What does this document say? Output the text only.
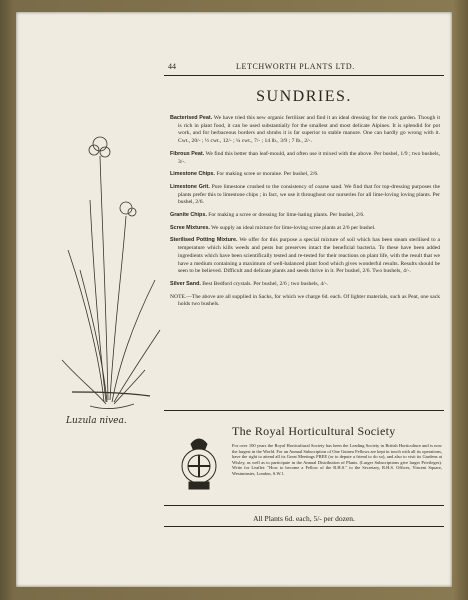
44	LETCHWORTH PLANTS LTD.
SUNDRIES.

Bacterised Peat. We have tried this new organic fertilizer and find it an ideal dressing for the rock garden. Though it is rich in plant food, it can be used substantially for the smallest and most delicate Alpines. It is splendid for pot work, and for herbaceous borders and shrubs it is far superior to stable manure. One can hardly go wrong with it. Cwt., 20/- ; ½ cwt., 12/- ; ¼ cwt., 7/- ; 14 lb., 3/9 ; 7 lb., 2/-.

Fibrous Peat. We find this better than leaf-mould, and often use it mixed with the above. Per bushel, 1/9 ; two bushels, 3/-.

Limestone Chips. For making scree or moraine. Per bushel, 2/6.

Limestone Grit. Pure limestone crushed to the consistency of coarse sand. We find that for top-dressing purposes the plants prefer this to limestone chips ; in fact, we use it throughout our nurseries for all lime-loving loving plants. Per bushel, 2/6.

Granite Chips. For making a scree or dressing for lime-hating plants. Per bushel, 2/6.

Scree Mixtures. We supply an ideal mixture for lime-loving scree plants at 2/6 per bushel.

Sterilised Potting Mixture. We offer for this purpose a special mixture of soil which has been steam sterilised to a temperature which kills weeds and pests but preserves intact the beneficial bacteria. To these have been added ingredients which have been scientifically tested and re-tested for their reactions on plant life, with the result that we have a medium containing a maximum of well-balanced plant food which gives wonderful results. Results should be seen to be believed. Difficult and delicate plants and seeds thrive in it. Per bushel, 2/6. Two bushels, 4/-.

Silver Sand. Best Bedford crystals. Per bushel, 2/6 ; two bushels, 4/-.

NOTE.—The above are all supplied in Sacks, for which we charge 6d. each. Of lighter materials, such as Peat, one sack holds two bushels.

The Royal Horticultural Society
For over 100 years the Royal Horticultural Society has been the Leading Society in British Horticulture and is now the largest in the World. For an Annual Subscription of One Guinea Fellows are kept in touch with all its operations, have the right to attend all its Great Meetings FREE (or to depute a friend to do so), and also to visit its Gardens at Wisley, as well as to participate in the Annual Distribution of Plants. (Larger Subscriptions give larger Privileges). Write for Leaflet: "How to become a Fellow of the R.H.S." to the Secretary, R.H.S. Offices, Vincent Square, Westminster, London, S.W.1.
All Plants 6d. each, 5/- per dozen.
Luzula nivea.
